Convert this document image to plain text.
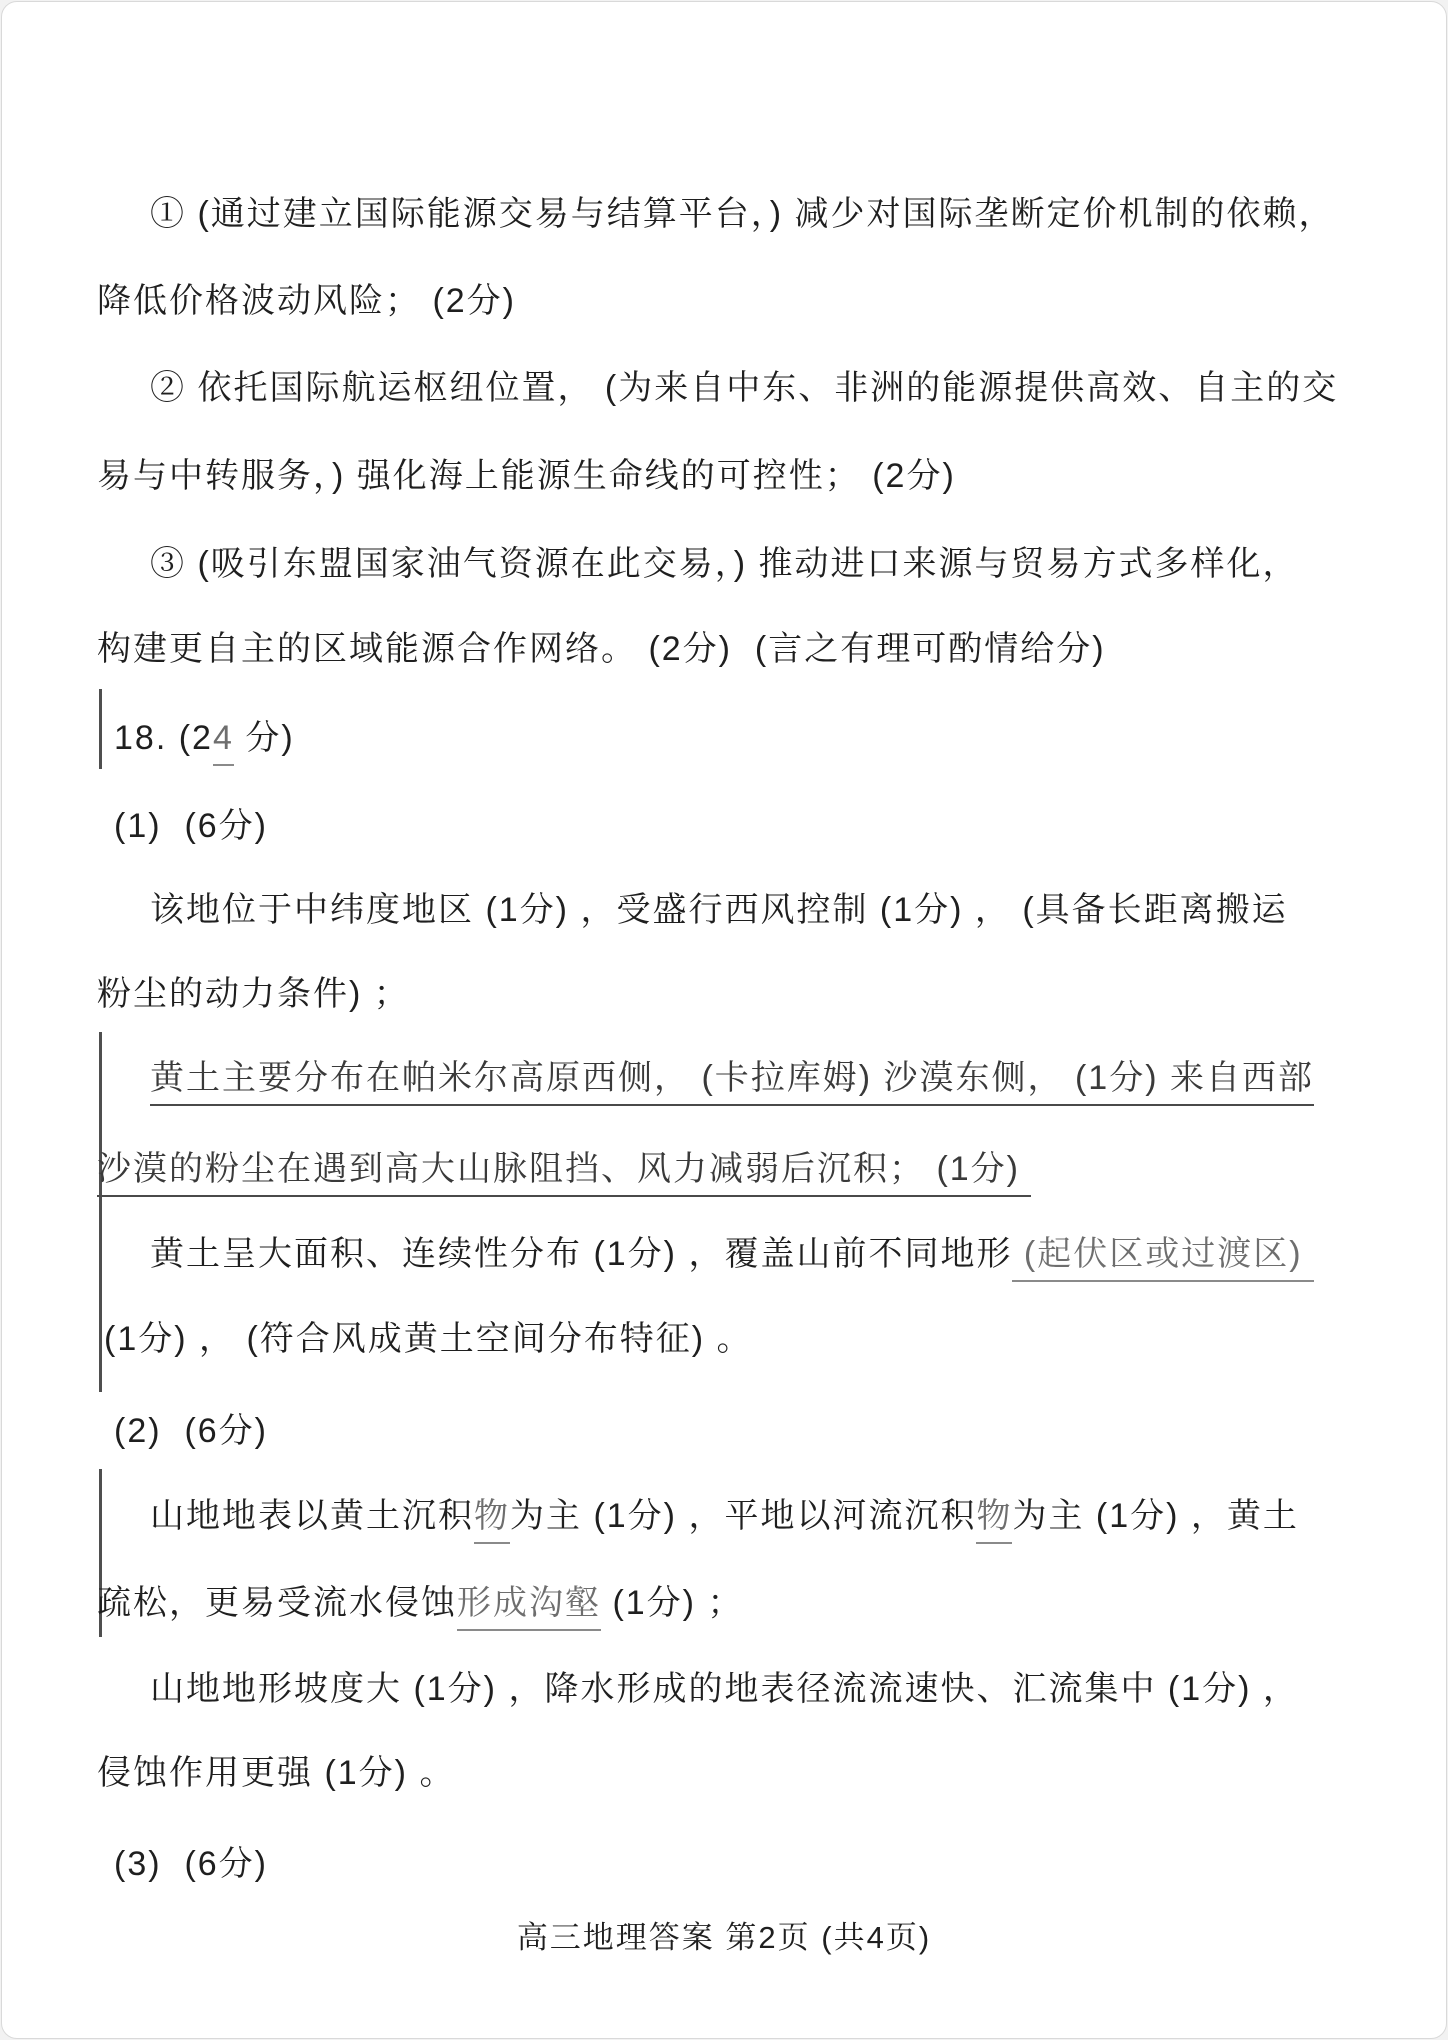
① (通过建立国际能源交易与结算平台，) 减少对国际垄断定价机制的依赖，
降低价格波动风险； (2分)
② 依托国际航运枢纽位置， (为来自中东、非洲的能源提供高效、自主的交
易与中转服务，) 强化海上能源生命线的可控性； (2分)
③ (吸引东盟国家油气资源在此交易，) 推动进口来源与贸易方式多样化，
构建更自主的区域能源合作网络。 (2分)  (言之有理可酌情给分)
18. (24 分)
(1)  (6分)
该地位于中纬度地区 (1分) ，受盛行西风控制 (1分) ， (具备长距离搬运
粉尘的动力条件) ；
黄土主要分布在帕米尔高原西侧， (卡拉库姆) 沙漠东侧， (1分) 来自西部
沙漠的粉尘在遇到高大山脉阻挡、风力减弱后沉积； (1分)
黄土呈大面积、连续性分布 (1分) ，覆盖山前不同地形 (起伏区或过渡区)
(1分) ， (符合风成黄土空间分布特征) 。
(2)  (6分)
山地地表以黄土沉积物为主 (1分) ，平地以河流沉积物为主 (1分) ，黄土
疏松，更易受流水侵蚀形成沟壑 (1分) ；
山地地形坡度大 (1分) ，降水形成的地表径流流速快、汇流集中 (1分) ，
侵蚀作用更强 (1分) 。
(3)  (6分)
高三地理答案 第2页 (共4页)
